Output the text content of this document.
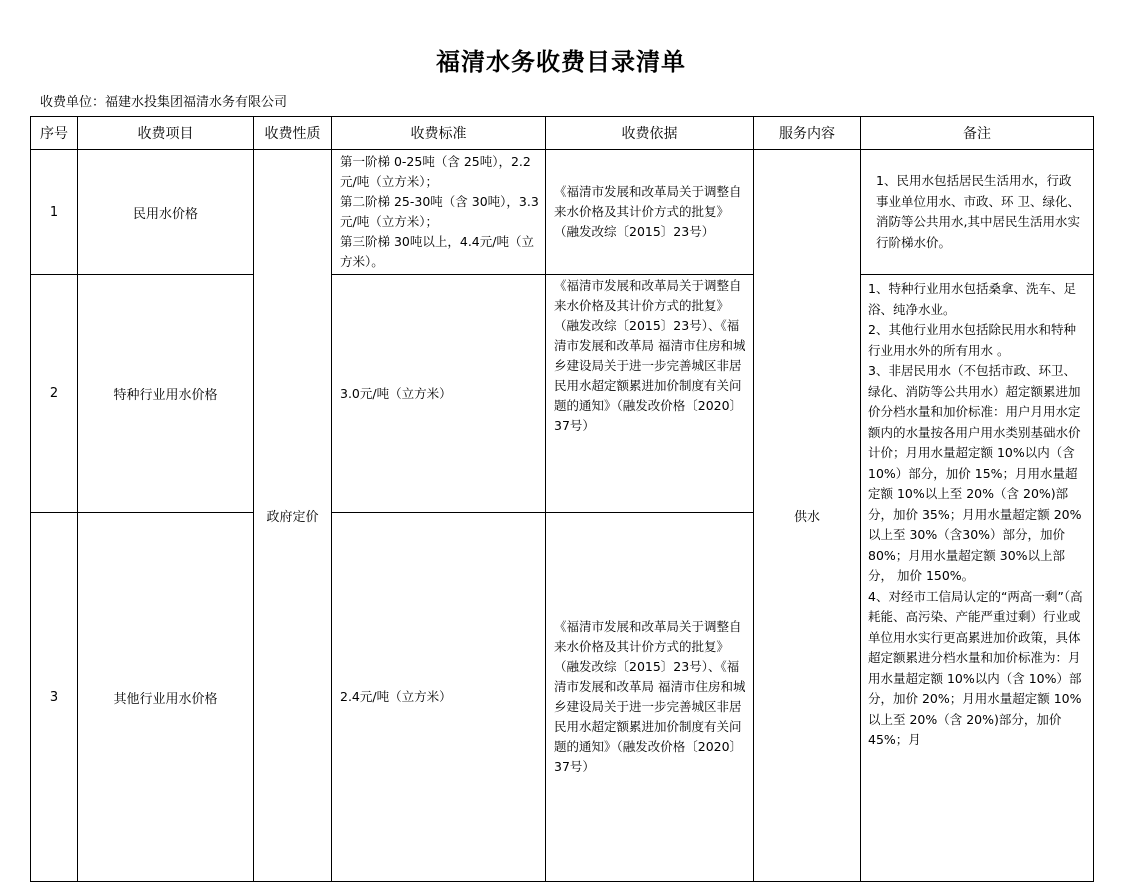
福清水务收费目录清单
收费单位：福建水投集团福清水务有限公司
序号	收费项目	收费性质	收费标准	收费依据	服务内容	备注
1	民用水价格	政府定价	第一阶梯 0-25吨（含 25吨），2.2元/吨（立方米）；
第二阶梯 25-30吨（含 30吨），3.3元/吨（立方米）；
第三阶梯 30吨以上，4.4元/吨（立方米）。	《福清市发展和改革局关于调整自来水价格及其计价方式的批复》（融发改综〔2015〕23号）	供水	1、民用水包括居民生活用水，行政事业单位用水、市政、环 卫、绿化、消防等公共用水,其中居民生活用水实行阶梯水价。

2	特种行业用水价格		3.0元/吨（立方米）	《福清市发展和改革局关于调整自来水价格及其计价方式的批复》（融发改综〔2015〕23号）、《福清市发展和改革局 福清市住房和城乡建设局关于进一步完善城区非居民用水超定额累进加价制度有关问题的通知》（融发改价格〔2020〕37号）		1、特种行业用水包括桑拿、洗车、足浴、纯净水业。

2、其他行业用水包括除民用水和特种行业用水外的所有用水 。

3、非居民用水（不包括市政、环卫、绿化、消防等公共用水）超定额累进加价分档水量和加价标准：用户月用水定额内的水量按各用户用水类别基础水价计价；月用水量超定额 10%以内（含 10%）部分，加价 15%；月用水量超定额 10%以上至 20%（含 20%)部分，加价 35%；月用水量超定额 20%以上至 30%（含30%）部分，加价 80%；月用水量超定额 30%以上部分， 加价 150%。

4、对经市工信局认定的“两高一剩”（高耗能、高污染、产能严重过剩）行业或单位用水实行更高累进加价政策，具体超定额累进分档水量和加价标准为：月用水量超定额 10%以内（含 10%）部分，加价 20%；月用水量超定额 10%以上至 20%（含 20%)部分，加价 45%；月

3	其他行业用水价格		2.4元/吨（立方米）	《福清市发展和改革局关于调整自来水价格及其计价方式的批复》（融发改综〔2015〕23号）、《福清市发展和改革局 福清市住房和城乡建设局关于进一步完善城区非居民用水超定额累进加价制度有关问题的通知》（融发改价格〔2020〕37号）		
